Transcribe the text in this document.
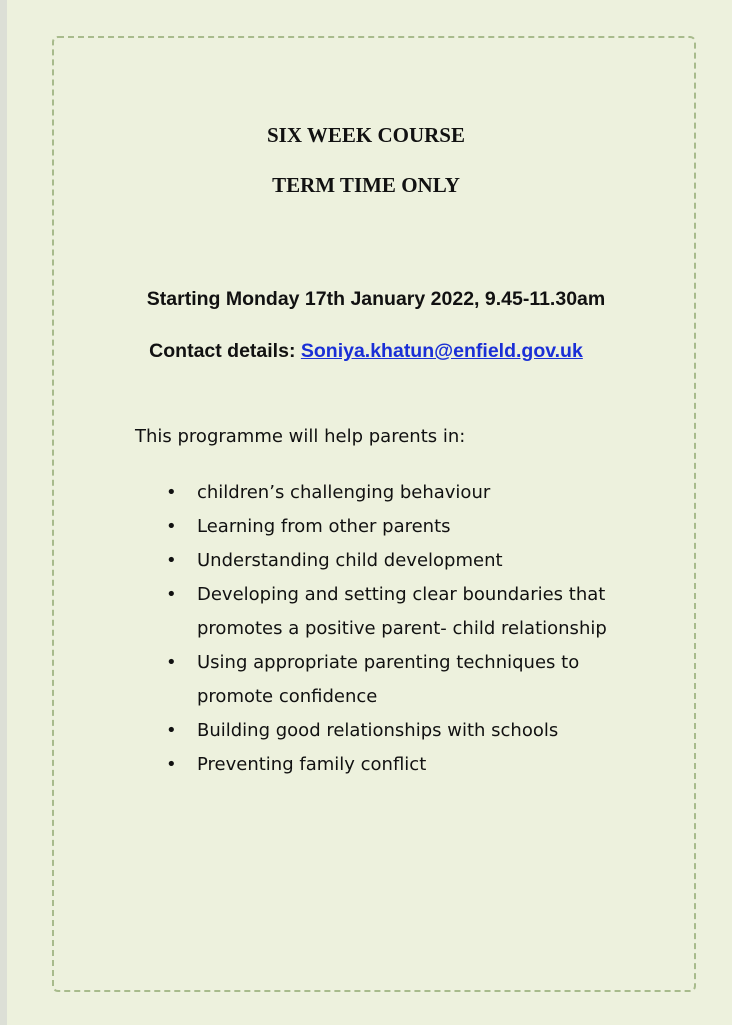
SIX WEEK COURSE
TERM TIME ONLY
Starting Monday 17th January 2022, 9.45-11.30am
Contact details: Soniya.khatun@enfield.gov.uk
This programme will help parents in:
• children’s challenging behaviour
• Learning from other parents
• Understanding child development
• Developing and setting clear boundaries that promotes a positive parent- child relationship
• Using appropriate parenting techniques to promote confidence
• Building good relationships with schools
• Preventing family conflict
